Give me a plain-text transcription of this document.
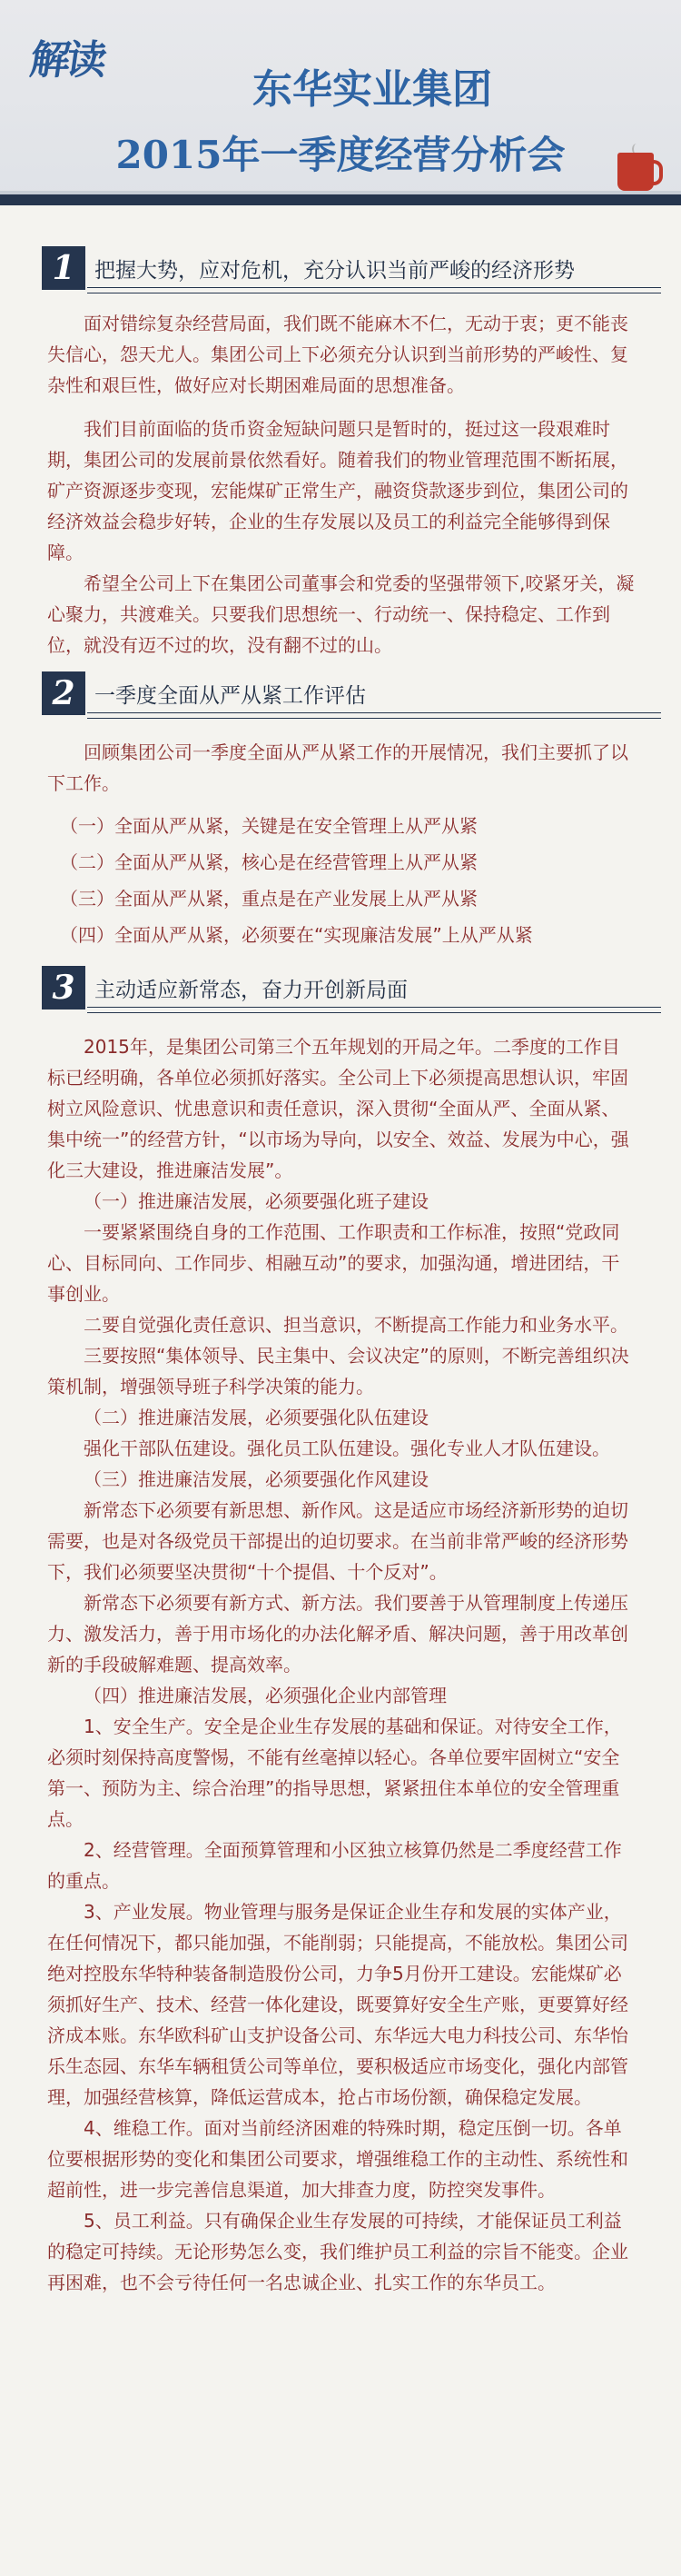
解读
东华实业集团
2015年一季度经营分析会
1 把握大势，应对危机，充分认识当前严峻的经济形势

面对错综复杂经营局面，我们既不能麻木不仁，无动于衷；更不能丧失信心，怨天尤人。集团公司上下必须充分认识到当前形势的严峻性、复杂性和艰巨性，做好应对长期困难局面的思想准备。

我们目前面临的货币资金短缺问题只是暂时的，挺过这一段艰难时期，集团公司的发展前景依然看好。随着我们的物业管理范围不断拓展，矿产资源逐步变现，宏能煤矿正常生产，融资贷款逐步到位，集团公司的经济效益会稳步好转，企业的生存发展以及员工的利益完全能够得到保障。

希望全公司上下在集团公司董事会和党委的坚强带领下,咬紧牙关，凝心聚力，共渡难关。只要我们思想统一、行动统一、保持稳定、工作到位，就没有迈不过的坎，没有翻不过的山。

2 一季度全面从严从紧工作评估

回顾集团公司一季度全面从严从紧工作的开展情况，我们主要抓了以下工作。

（一）全面从严从紧，关键是在安全管理上从严从紧
（二）全面从严从紧，核心是在经营管理上从严从紧
（三）全面从严从紧，重点是在产业发展上从严从紧
（四）全面从严从紧，必须要在“实现廉洁发展”上从严从紧
3 主动适应新常态，奋力开创新局面

2015年，是集团公司第三个五年规划的开局之年。二季度的工作目标已经明确，各单位必须抓好落实。全公司上下必须提高思想认识，牢固树立风险意识、忧患意识和责任意识，深入贯彻“全面从严、全面从紧、集中统一”的经营方针，“以市场为导向，以安全、效益、发展为中心，强化三大建设，推进廉洁发展”。

（一）推进廉洁发展，必须要强化班子建设

一要紧紧围绕自身的工作范围、工作职责和工作标准，按照“党政同心、目标同向、工作同步、相融互动”的要求，加强沟通，增进团结，干事创业。

二要自觉强化责任意识、担当意识，不断提高工作能力和业务水平。

三要按照“集体领导、民主集中、会议决定”的原则，不断完善组织决策机制，增强领导班子科学决策的能力。

（二）推进廉洁发展，必须要强化队伍建设

强化干部队伍建设。强化员工队伍建设。强化专业人才队伍建设。

（三）推进廉洁发展，必须要强化作风建设

新常态下必须要有新思想、新作风。这是适应市场经济新形势的迫切需要，也是对各级党员干部提出的迫切要求。在当前非常严峻的经济形势下，我们必须要坚决贯彻“十个提倡、十个反对”。

新常态下必须要有新方式、新方法。我们要善于从管理制度上传递压力、激发活力，善于用市场化的办法化解矛盾、解决问题，善于用改革创新的手段破解难题、提高效率。

（四）推进廉洁发展，必须强化企业内部管理

1、安全生产。安全是企业生存发展的基础和保证。对待安全工作，必须时刻保持高度警惕，不能有丝毫掉以轻心。各单位要牢固树立“安全第一、预防为主、综合治理”的指导思想，紧紧扭住本单位的安全管理重点。

2、经营管理。全面预算管理和小区独立核算仍然是二季度经营工作的重点。

3、产业发展。物业管理与服务是保证企业生存和发展的实体产业，在任何情况下，都只能加强，不能削弱；只能提高，不能放松。集团公司绝对控股东华特种装备制造股份公司，力争5月份开工建设。宏能煤矿必须抓好生产、技术、经营一体化建设，既要算好安全生产账，更要算好经济成本账。东华欧科矿山支护设备公司、东华远大电力科技公司、东华怡乐生态园、东华车辆租赁公司等单位，要积极适应市场变化，强化内部管理，加强经营核算，降低运营成本，抢占市场份额，确保稳定发展。

4、维稳工作。面对当前经济困难的特殊时期，稳定压倒一切。各单位要根据形势的变化和集团公司要求，增强维稳工作的主动性、系统性和超前性，进一步完善信息渠道，加大排查力度，防控突发事件。

5、员工利益。只有确保企业生存发展的可持续，才能保证员工利益的稳定可持续。无论形势怎么变，我们维护员工利益的宗旨不能变。企业再困难，也不会亏待任何一名忠诚企业、扎实工作的东华员工。
